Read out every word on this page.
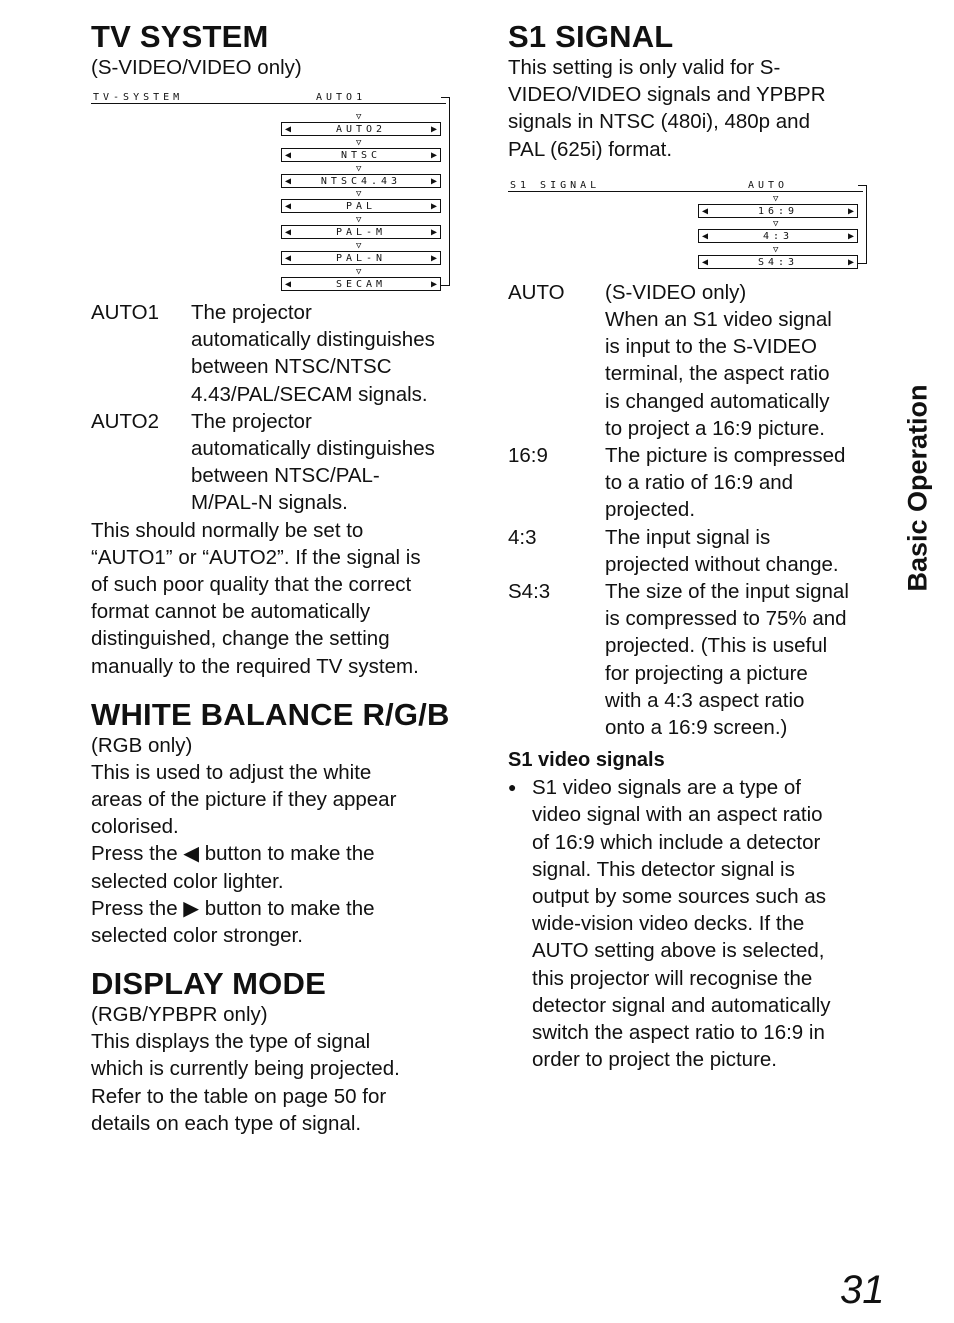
TV SYSTEM
(S-VIDEO/VIDEO only)
TV-SYSTEM	AUTO1
▽
◀	AUTO2	▶
▽
◀	NTSC	▶
▽
◀	NTSC4.43	▶
▽
◀	PAL	▶
▽
◀	PAL-M	▶
▽
◀	PAL-N	▶
▽
◀	SECAM	▶
AUTO1	The projector
automatically distinguishes
between NTSC/NTSC
4.43/PAL/SECAM signals.
AUTO2	The projector
automatically distinguishes
between NTSC/PAL-
M/PAL-N signals.
This should normally be set to
“AUTO1” or “AUTO2”. If the signal is
of such poor quality that the correct
format cannot be automatically
distinguished, change the setting
manually to the required TV system.
WHITE BALANCE R/G/B
(RGB only)
This is used to adjust the white
areas of the picture if they appear
colorised.
Press the ◀ button to make the
selected color lighter.
Press the ▶ button to make the
selected color stronger.
DISPLAY MODE
(RGB/YPBPR only)
This displays the type of signal
which is currently being projected.
Refer to the table on page 50 for
details on each type of signal.
S1 SIGNAL
This setting is only valid for S-
VIDEO/VIDEO signals and YPBPR
signals in NTSC (480i), 480p and
PAL (625i) format.
S1 SIGNAL	AUTO
▽
◀	16:9	▶
▽
◀	4:3	▶
▽
◀	S4:3	▶
AUTO	(S-VIDEO only)
When an S1 video signal
is input to the S-VIDEO
terminal, the aspect ratio
is changed automatically
to project a 16:9 picture.
16:9	The picture is compressed
to a ratio of 16:9 and
projected.
4:3	The input signal is
projected without change.
S4:3	The size of the input signal
is compressed to 75% and
projected. (This is useful
for projecting a picture
with a 4:3 aspect ratio
onto a 16:9 screen.)
S1 video signals
● S1 video signals are a type of
video signal with an aspect ratio
of 16:9 which include a detector
signal. This detector signal is
output by some sources such as
wide-vision video decks. If the
AUTO setting above is selected,
this projector will recognise the
detector signal and automatically
switch the aspect ratio to 16:9 in
order to project the picture.
Basic Operation
31
